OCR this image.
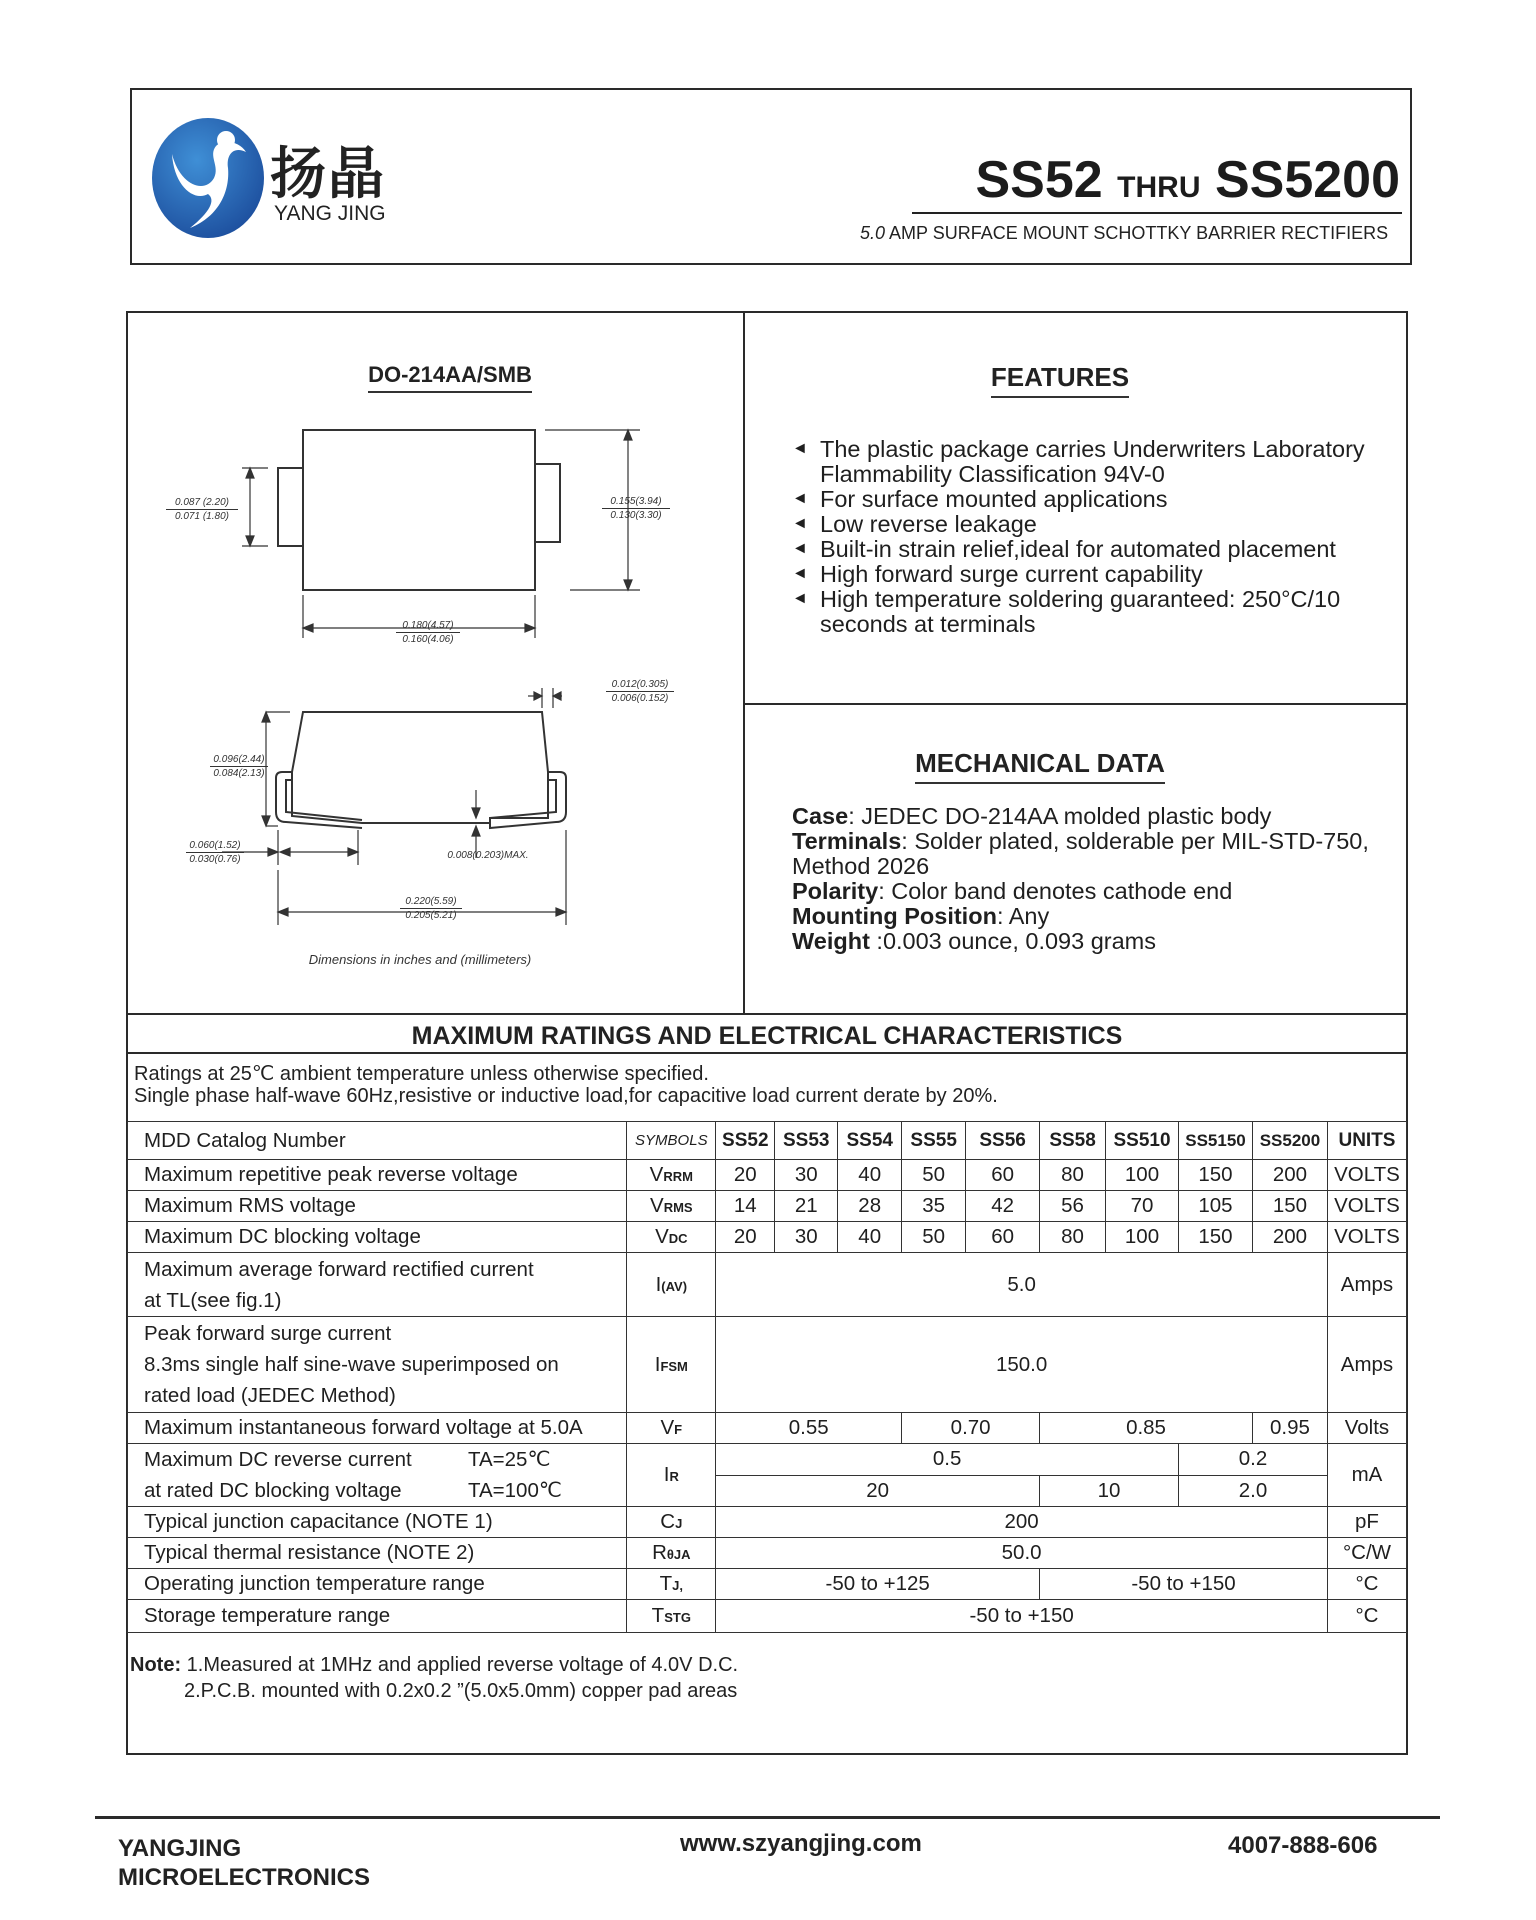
扬晶
YANG JING
SS52 THRU SS5200
5.0 AMP SURFACE MOUNT SCHOTTKY BARRIER RECTIFIERS
DO-214AA/SMB
0.087 (2.20)
0.071 (1.80)
0.155(3.94)
0.130(3.30)
0.180(4.57)
0.160(4.06)
0.012(0.305)
0.006(0.152)
0.096(2.44)
0.084(2.13)
0.060(1.52)
0.030(0.76)	0.008(0.203)MAX.
0.220(5.59)
0.205(5.21)
Dimensions in inches and (millimeters)
FEATURES
◄ The plastic package carries Underwriters Laboratory Flammability Classification 94V-0
◄ For surface mounted applications
◄ Low reverse leakage
◄ Built-in strain relief,ideal for automated placement
◄ High forward surge current capability
◄ High temperature soldering guaranteed: 250°C/10 seconds at terminals
MECHANICAL DATA
Case: JEDEC DO-214AA molded plastic body
Terminals: Solder plated, solderable per MIL-STD-750, Method 2026
Polarity: Color band denotes cathode end
Mounting Position: Any
Weight :0.003 ounce, 0.093 grams
MAXIMUM RATINGS AND ELECTRICAL CHARACTERISTICS
Ratings at 25℃ ambient temperature unless otherwise specified.
Single phase half-wave 60Hz,resistive or inductive load,for capacitive load current derate by 20%.
MDD Catalog Number	SYMBOLS	SS52	SS53	SS54	SS55	SS56	SS58	SS510	SS5150	SS5200	UNITS
Maximum repetitive peak reverse voltage	VRRM	20	30	40	50	60	80	100	150	200	VOLTS
Maximum RMS voltage	VRMS	14	21	28	35	42	56	70	105	150	VOLTS
Maximum DC blocking voltage	VDC	20	30	40	50	60	80	100	150	200	VOLTS

Maximum average forward rectified current
at TL(see fig.1)	I(AV)	5.0									Amps

Peak forward surge current
8.3ms single half sine-wave superimposed on
rated load (JEDEC Method)	IFSM	150.0									Amps
Maximum instantaneous forward voltage at 5.0A	VF	0.55			0.70		0.85			0.95	Volts

Maximum DC reverse current TA=25℃
at rated DC blocking voltage TA=100℃	IR	0.5							0.2		mA
		20					10		2.0		
Typical junction capacitance (NOTE 1)	CJ	200									pF
Typical thermal resistance (NOTE 2)	RθJA	50.0									°C/W
Operating junction temperature range	TJ,	-50 to +125					-50 to +150				°C
Storage temperature range	TSTG	-50 to +150									°C
Note: 1.Measured at 1MHz and applied reverse voltage of 4.0V D.C.
2.P.C.B. mounted with 0.2x0.2 ”(5.0x5.0mm) copper pad areas
YANGJING
MICROELECTRONICS
www.szyangjing.com	4007-888-606
